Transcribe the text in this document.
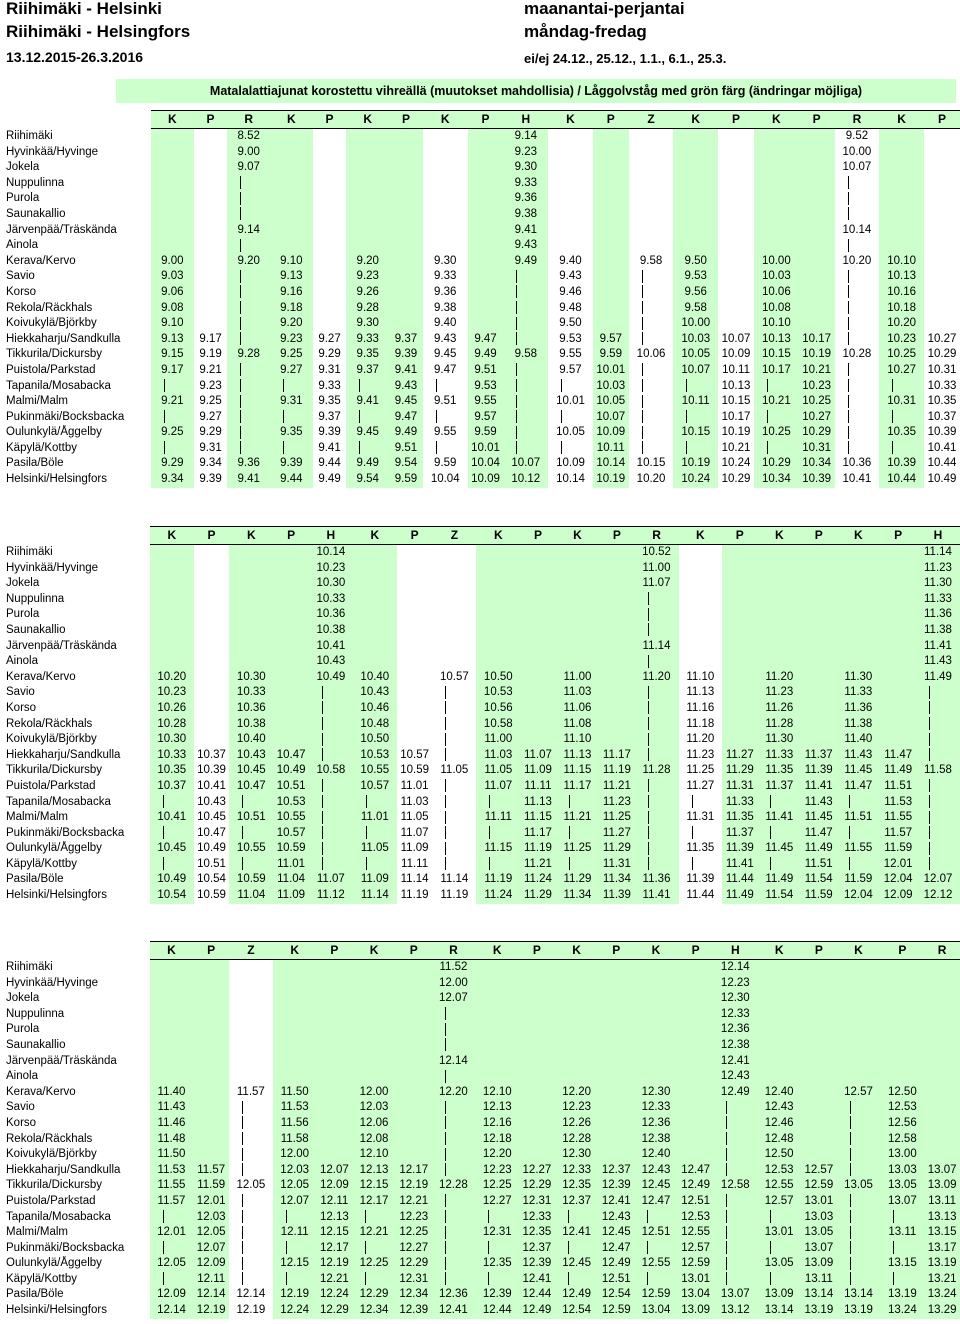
Riihimäki - Helsinki
Riihimäki - Helsingfors
13.12.2015-26.3.2016
maanantai-perjantai
måndag-fredag
ei/ej 24.12., 25.12., 1.1., 6.1., 25.3.
Matalalattiajunat korostettu vihreällä (muutokset mahdollisia) / Låggolvståg med grön färg (ändringar möjliga)
	K	P	R	K	P	K	P	K	P	H	K	P	Z	K	P	K	P	R	K	P
Riihimäki			8.52							9.14								9.52		
Hyvinkää/Hyvinge			9.00							9.23								10.00		
Jokela			9.07							9.30								10.07		
Nuppulinna										9.33										
Purola										9.36										
Saunakallio										9.38										
Järvenpää/Träskända			9.14							9.41								10.14		
Ainola										9.43										
Kerava/Kervo	9.00		9.20	9.10		9.20		9.30		9.49	9.40		9.58	9.50		10.00		10.20	10.10	
Savio	9.03			9.13		9.23		9.33			9.43			9.53		10.03			10.13	
Korso	9.06			9.16		9.26		9.36			9.46			9.56		10.06			10.16	
Rekola/Räckhals	9.08			9.18		9.28		9.38			9.48			9.58		10.08			10.18	
Koivukylä/Björkby	9.10			9.20		9.30		9.40			9.50			10.00		10.10			10.20	
Hiekkaharju/Sandkulla	9.13	9.17		9.23	9.27	9.33	9.37	9.43	9.47		9.53	9.57		10.03	10.07	10.13	10.17		10.23	10.27
Tikkurila/Dickursby	9.15	9.19	9.28	9.25	9.29	9.35	9.39	9.45	9.49	9.58	9.55	9.59	10.06	10.05	10.09	10.15	10.19	10.28	10.25	10.29
Puistola/Parkstad	9.17	9.21		9.27	9.31	9.37	9.41	9.47	9.51		9.57	10.01		10.07	10.11	10.17	10.21		10.27	10.31
Tapanila/Mosabacka		9.23			9.33		9.43		9.53			10.03			10.13		10.23			10.33
Malmi/Malm	9.21	9.25		9.31	9.35	9.41	9.45	9.51	9.55		10.01	10.05		10.11	10.15	10.21	10.25		10.31	10.35
Pukinmäki/Bocksbacka		9.27			9.37		9.47		9.57			10.07			10.17		10.27			10.37
Oulunkylä/Åggelby	9.25	9.29		9.35	9.39	9.45	9.49	9.55	9.59		10.05	10.09		10.15	10.19	10.25	10.29		10.35	10.39
Käpylä/Kottby		9.31			9.41		9.51		10.01			10.11			10.21		10.31			10.41
Pasila/Böle	9.29	9.34	9.36	9.39	9.44	9.49	9.54	9.59	10.04	10.07	10.09	10.14	10.15	10.19	10.24	10.29	10.34	10.36	10.39	10.44
Helsinki/Helsingfors	9.34	9.39	9.41	9.44	9.49	9.54	9.59	10.04	10.09	10.12	10.14	10.19	10.20	10.24	10.29	10.34	10.39	10.41	10.44	10.49
	K	P	K	P	H	K	P	Z	K	P	K	P	R	K	P	K	P	K	P	H
Riihimäki					10.14								10.52							11.14
Hyvinkää/Hyvinge					10.23								11.00							11.23
Jokela					10.30								11.07							11.30
Nuppulinna					10.33															11.33
Purola					10.36															11.36
Saunakallio					10.38															11.38
Järvenpää/Träskända					10.41								11.14							11.41
Ainola					10.43															11.43
Kerava/Kervo	10.20		10.30		10.49	10.40		10.57	10.50		11.00		11.20	11.10		11.20		11.30		11.49
Savio	10.23		10.33			10.43			10.53		11.03			11.13		11.23		11.33		
Korso	10.26		10.36			10.46			10.56		11.06			11.16		11.26		11.36		
Rekola/Räckhals	10.28		10.38			10.48			10.58		11.08			11.18		11.28		11.38		
Koivukylä/Björkby	10.30		10.40			10.50			11.00		11.10			11.20		11.30		11.40		
Hiekkaharju/Sandkulla	10.33	10.37	10.43	10.47		10.53	10.57		11.03	11.07	11.13	11.17		11.23	11.27	11.33	11.37	11.43	11.47	
Tikkurila/Dickursby	10.35	10.39	10.45	10.49	10.58	10.55	10.59	11.05	11.05	11.09	11.15	11.19	11.28	11.25	11.29	11.35	11.39	11.45	11.49	11.58
Puistola/Parkstad	10.37	10.41	10.47	10.51		10.57	11.01		11.07	11.11	11.17	11.21		11.27	11.31	11.37	11.41	11.47	11.51	
Tapanila/Mosabacka		10.43		10.53			11.03			11.13		11.23			11.33		11.43		11.53	
Malmi/Malm	10.41	10.45	10.51	10.55		11.01	11.05		11.11	11.15	11.21	11.25		11.31	11.35	11.41	11.45	11.51	11.55	
Pukinmäki/Bocksbacka		10.47		10.57			11.07			11.17		11.27			11.37		11.47		11.57	
Oulunkylä/Åggelby	10.45	10.49	10.55	10.59		11.05	11.09		11.15	11.19	11.25	11.29		11.35	11.39	11.45	11.49	11.55	11.59	
Käpylä/Kottby		10.51		11.01			11.11			11.21		11.31			11.41		11.51		12.01	
Pasila/Böle	10.49	10.54	10.59	11.04	11.07	11.09	11.14	11.14	11.19	11.24	11.29	11.34	11.36	11.39	11.44	11.49	11.54	11.59	12.04	12.07
Helsinki/Helsingfors	10.54	10.59	11.04	11.09	11.12	11.14	11.19	11.19	11.24	11.29	11.34	11.39	11.41	11.44	11.49	11.54	11.59	12.04	12.09	12.12
	K	P	Z	K	P	K	P	R	K	P	K	P	K	P	H	K	P	K	P	R
Riihimäki								11.52							12.14					
Hyvinkää/Hyvinge								12.00							12.23					
Jokela								12.07							12.30					
Nuppulinna															12.33					
Purola															12.36					
Saunakallio															12.38					
Järvenpää/Träskända								12.14							12.41					
Ainola															12.43					
Kerava/Kervo	11.40		11.57	11.50		12.00		12.20	12.10		12.20		12.30		12.49	12.40		12.57	12.50	
Savio	11.43			11.53		12.03			12.13		12.23		12.33			12.43			12.53	
Korso	11.46			11.56		12.06			12.16		12.26		12.36			12.46			12.56	
Rekola/Räckhals	11.48			11.58		12.08			12.18		12.28		12.38			12.48			12.58	
Koivukylä/Björkby	11.50			12.00		12.10			12.20		12.30		12.40			12.50			13.00	
Hiekkaharju/Sandkulla	11.53	11.57		12.03	12.07	12.13	12.17		12.23	12.27	12.33	12.37	12.43	12.47		12.53	12.57		13.03	13.07
Tikkurila/Dickursby	11.55	11.59	12.05	12.05	12.09	12.15	12.19	12.28	12.25	12.29	12.35	12.39	12.45	12.49	12.58	12.55	12.59	13.05	13.05	13.09
Puistola/Parkstad	11.57	12.01		12.07	12.11	12.17	12.21		12.27	12.31	12.37	12.41	12.47	12.51		12.57	13.01		13.07	13.11
Tapanila/Mosabacka		12.03			12.13		12.23			12.33		12.43		12.53			13.03			13.13
Malmi/Malm	12.01	12.05		12.11	12.15	12.21	12.25		12.31	12.35	12.41	12.45	12.51	12.55		13.01	13.05		13.11	13.15
Pukinmäki/Bocksbacka		12.07			12.17		12.27			12.37		12.47		12.57			13.07			13.17
Oulunkylä/Åggelby	12.05	12.09		12.15	12.19	12.25	12.29		12.35	12.39	12.45	12.49	12.55	12.59		13.05	13.09		13.15	13.19
Käpylä/Kottby		12.11			12.21		12.31			12.41		12.51		13.01			13.11			13.21
Pasila/Böle	12.09	12.14	12.14	12.19	12.24	12.29	12.34	12.36	12.39	12.44	12.49	12.54	12.59	13.04	13.07	13.09	13.14	13.14	13.19	13.24
Helsinki/Helsingfors	12.14	12.19	12.19	12.24	12.29	12.34	12.39	12.41	12.44	12.49	12.54	12.59	13.04	13.09	13.12	13.14	13.19	13.19	13.24	13.29
